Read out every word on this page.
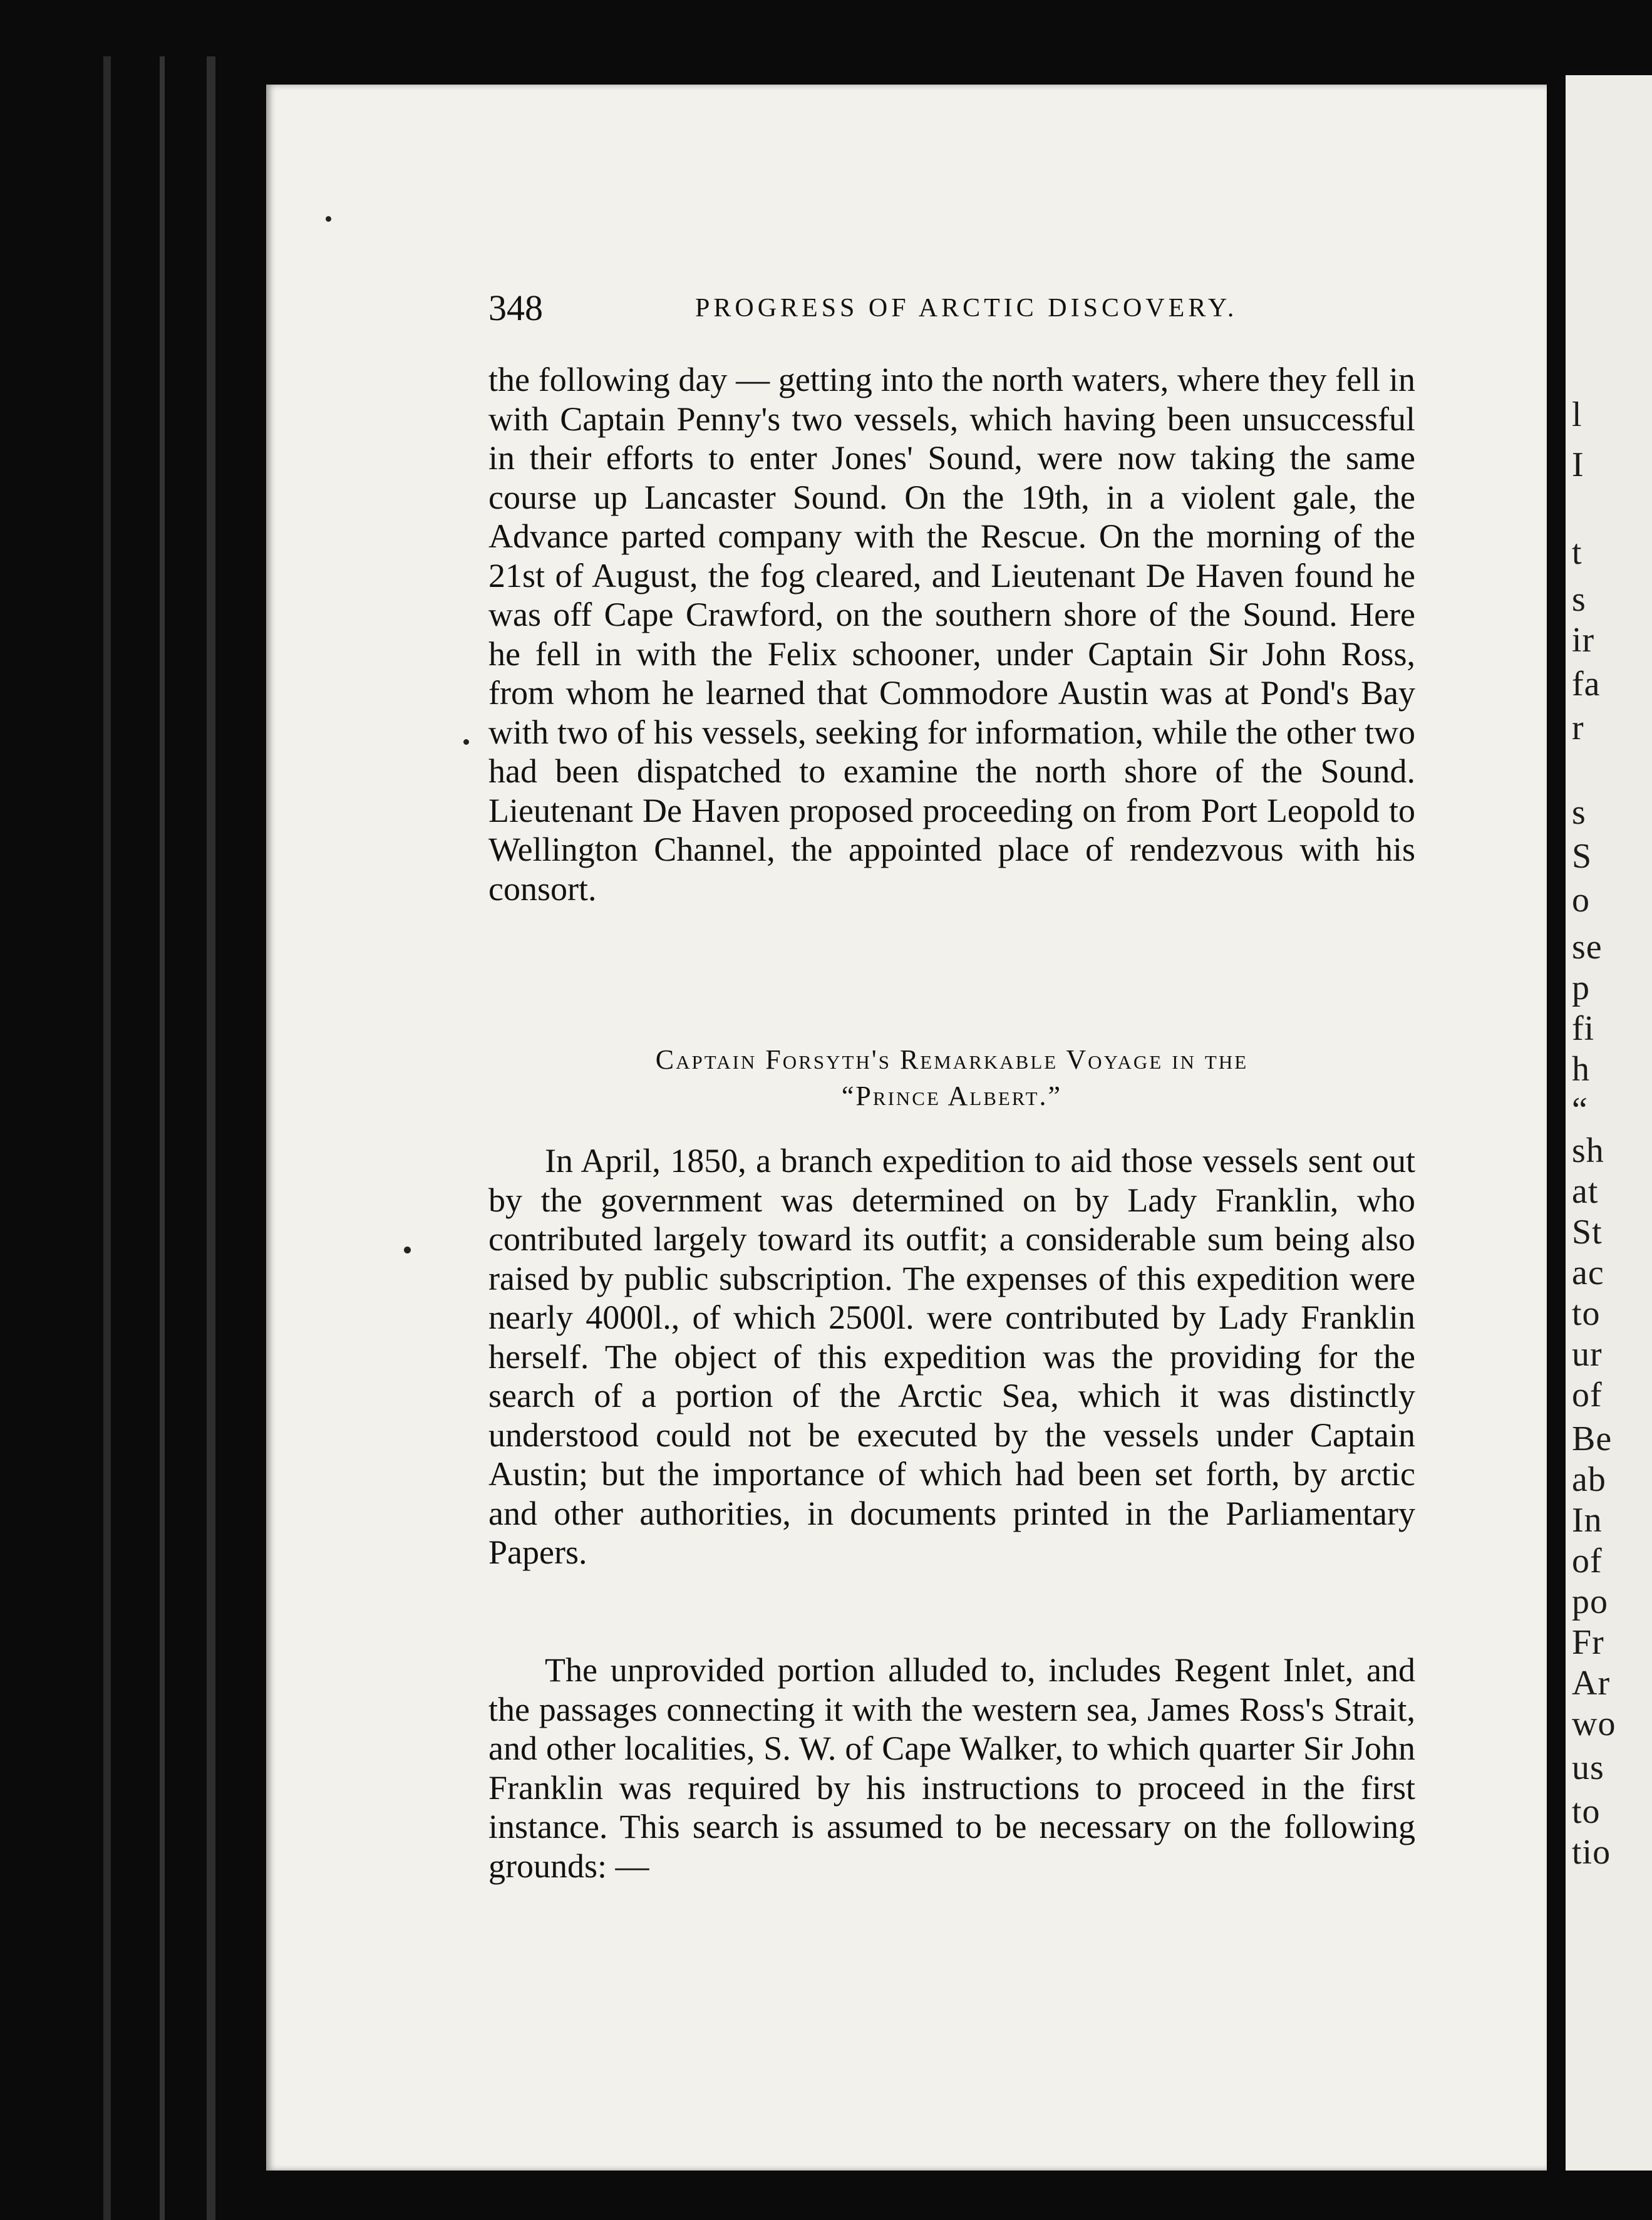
l
I
t
s
ir
fa
r
s
S
o
se
p
fi
h
“
sh
at
St
ac
to
ur
of
Be
ab
In
of
po
Fr
Ar
wo
us
to
tio
348	PROGRESS OF ARCTIC DISCOVERY.

the following day — getting into the north waters, where they fell in with Captain Penny's two vessels, which having been unsuccessful in their efforts to enter Jones' Sound, were now taking the same course up Lancaster Sound. On the 19th, in a violent gale, the Advance parted company with the Rescue. On the morning of the 21st of August, the fog cleared, and Lieutenant De Haven found he was off Cape Crawford, on the southern shore of the Sound. Here he fell in with the Felix schooner, under Captain Sir John Ross, from whom he learned that Commodore Austin was at Pond's Bay with two of his vessels, seeking for information, while the other two had been dispatched to examine the north shore of the Sound. Lieutenant De Haven proposed proceeding on from Port Leopold to Wellington Channel, the appointed place of rendezvous with his consort.

Captain Forsyth's Remarkable Voyage in the
“Prince Albert.”

In April, 1850, a branch expedition to aid those vessels sent out by the government was determined on by Lady Franklin, who contributed largely toward its outfit; a considerable sum being also raised by public subscription. The expenses of this expedition were nearly 4000l., of which 2500l. were contributed by Lady Franklin herself. The object of this expedition was the providing for the search of a portion of the Arctic Sea, which it was distinctly understood could not be executed by the vessels under Captain Austin; but the importance of which had been set forth, by arctic and other authorities, in documents printed in the Parliamentary Papers.

The unprovided portion alluded to, includes Regent Inlet, and the passages connecting it with the western sea, James Ross's Strait, and other localities, S. W. of Cape Walker, to which quarter Sir John Franklin was required by his instructions to proceed in the first instance. This search is assumed to be necessary on the following grounds: —
